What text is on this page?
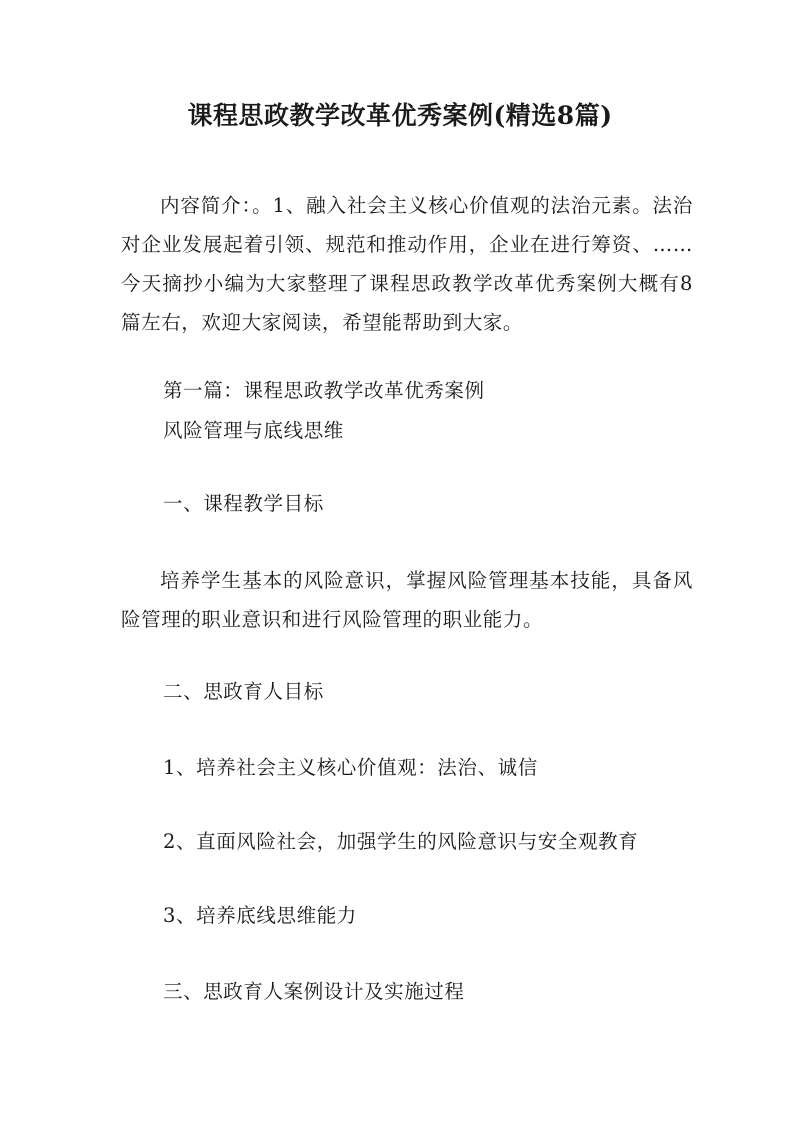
课程思政教学改革优秀案例(精选8篇)

内容简介：。1、融入社会主义核心价值观的法治元素。法治对企业发展起着引领、规范和推动作用，企业在进行筹资、……今天摘抄小编为大家整理了课程思政教学改革优秀案例大概有8篇左右，欢迎大家阅读，希望能帮助到大家。

第一篇：课程思政教学改革优秀案例

风险管理与底线思维

一、课程教学目标

培养学生基本的风险意识，掌握风险管理基本技能，具备风险管理的职业意识和进行风险管理的职业能力。

二、思政育人目标

1、培养社会主义核心价值观：法治、诚信

2、直面风险社会，加强学生的风险意识与安全观教育

3、培养底线思维能力

三、思政育人案例设计及实施过程
